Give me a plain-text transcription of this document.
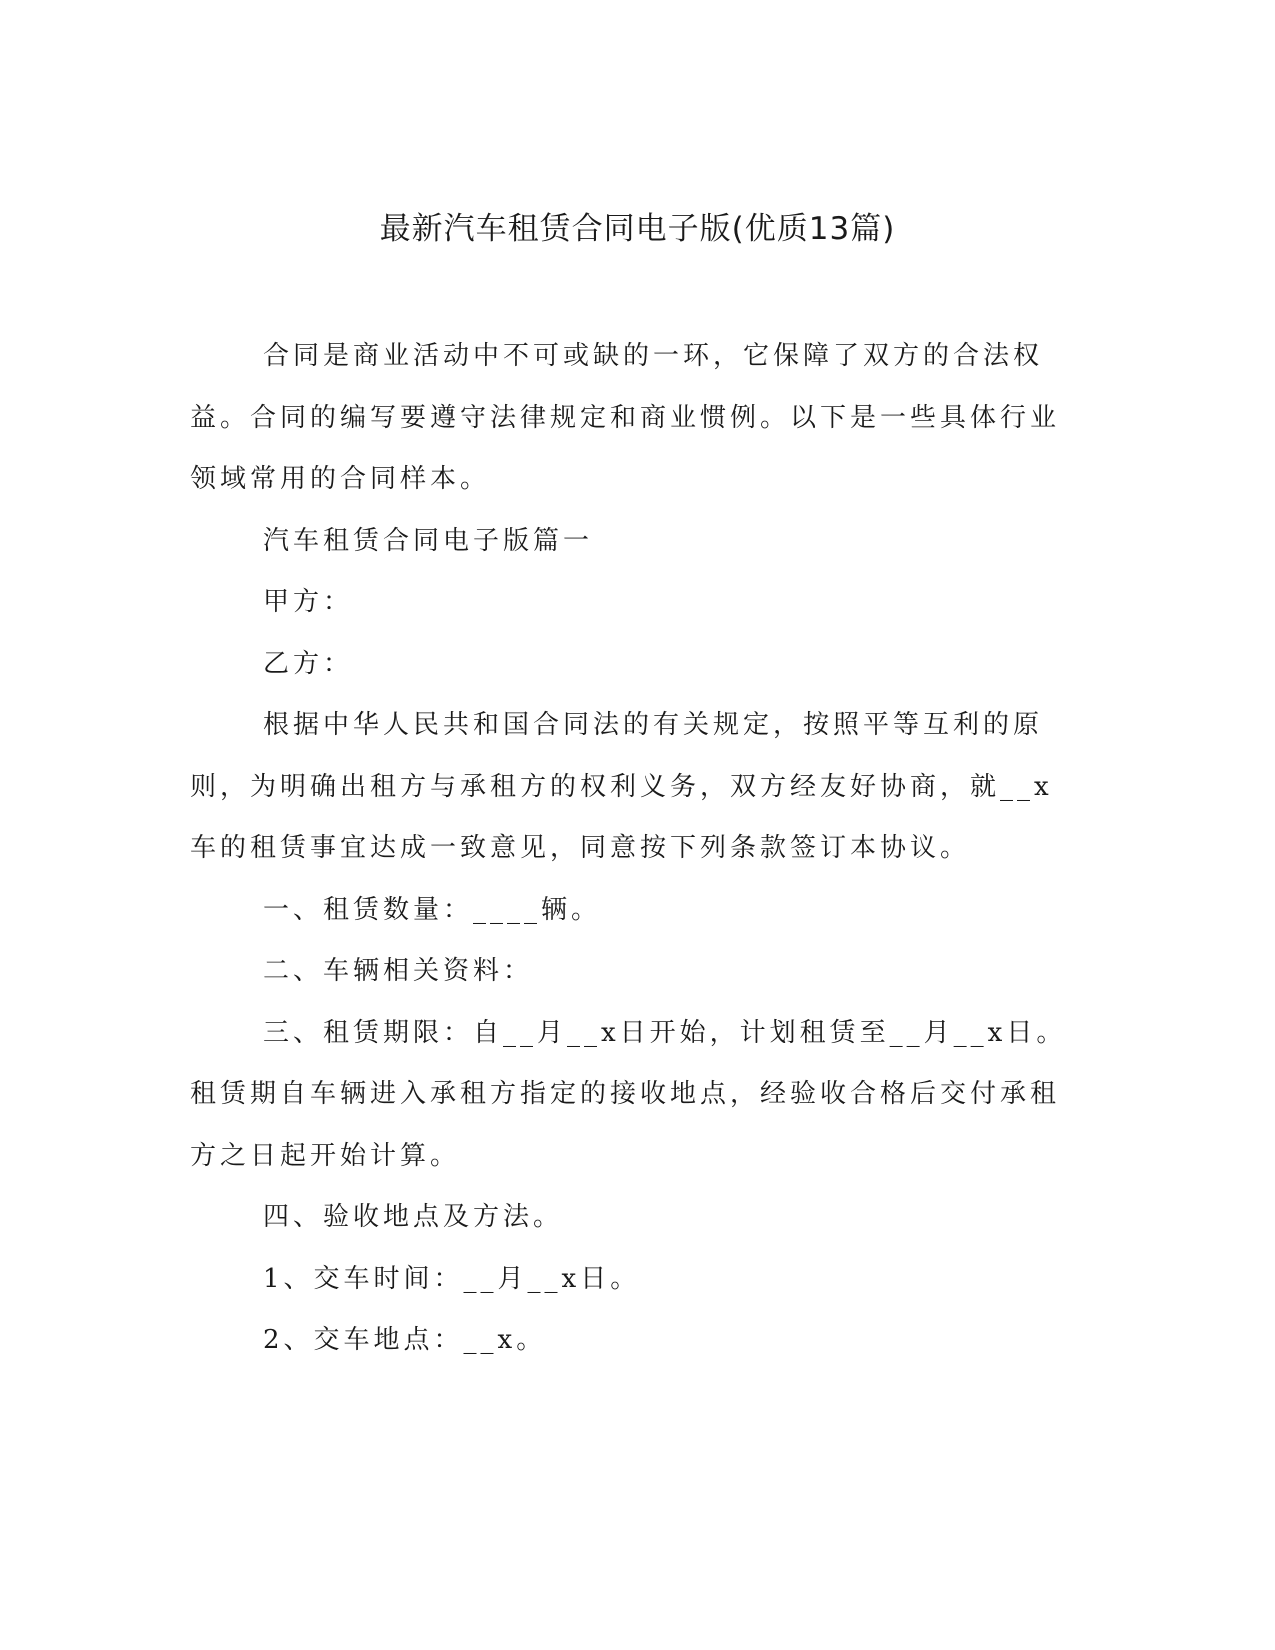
最新汽车租赁合同电子版(优质13篇)

合同是商业活动中不可或缺的一环，它保障了双方的合法权益。合同的编写要遵守法律规定和商业惯例。以下是一些具体行业领域常用的合同样本。

汽车租赁合同电子版篇一

甲方：

乙方：

根据中华人民共和国合同法的有关规定，按照平等互利的原则，为明确出租方与承租方的权利义务，双方经友好协商，就__x车的租赁事宜达成一致意见，同意按下列条款签订本协议。

一、租赁数量：____辆。

二、车辆相关资料：

三、租赁期限：自__月__x日开始，计划租赁至__月__x日。租赁期自车辆进入承租方指定的接收地点，经验收合格后交付承租方之日起开始计算。

四、验收地点及方法。

1、交车时间：__月__x日。

2、交车地点：__x。
